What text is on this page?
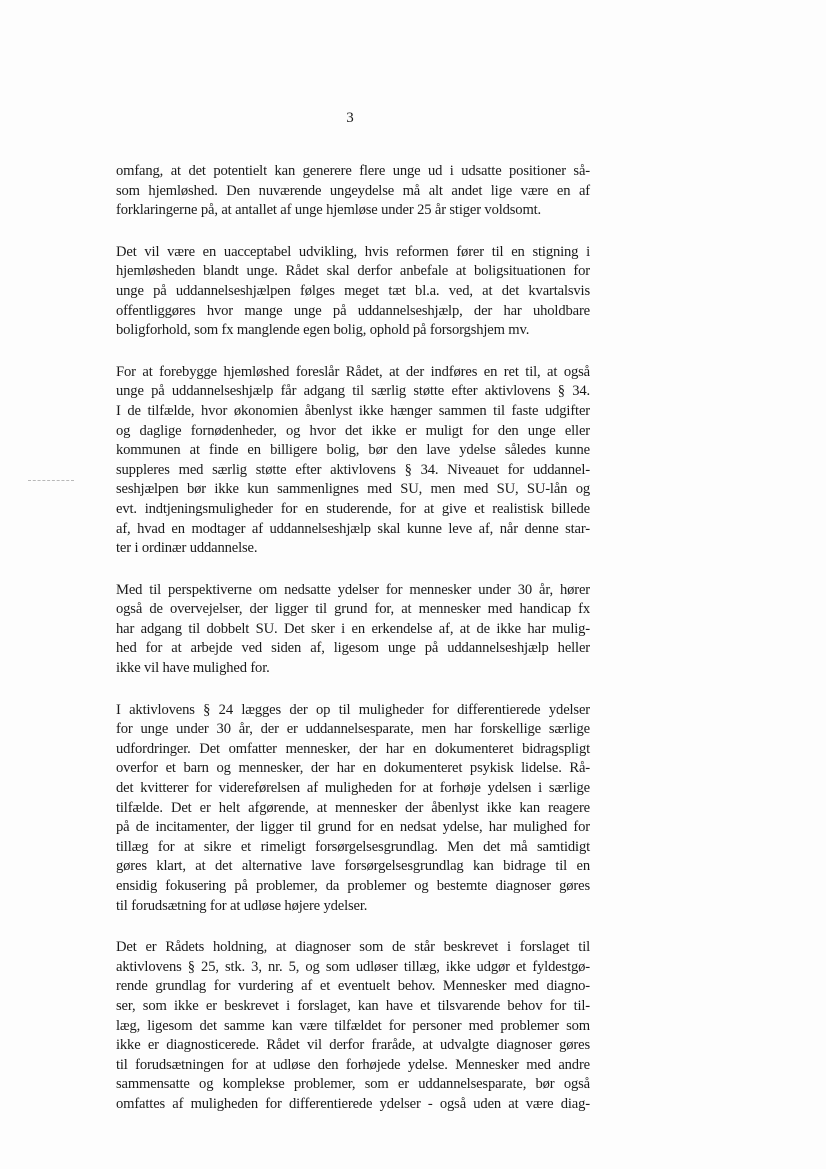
3

omfang, at det potentielt kan generere flere unge ud i udsatte positioner så-
som hjemløshed. Den nuværende ungeydelse må alt andet lige være en af
forklaringerne på, at antallet af unge hjemløse under 25 år stiger voldsomt.

Det vil være en uacceptabel udvikling, hvis reformen fører til en stigning i
hjemløsheden blandt unge. Rådet skal derfor anbefale at boligsituationen for
unge på uddannelseshjælpen følges meget tæt bl.a. ved, at det kvartalsvis
offentliggøres hvor mange unge på uddannelseshjælp, der har uholdbare
boligforhold, som fx manglende egen bolig, ophold på forsorgshjem mv.

For at forebygge hjemløshed foreslår Rådet, at der indføres en ret til, at også
unge på uddannelseshjælp får adgang til særlig støtte efter aktivlovens § 34.
I de tilfælde, hvor økonomien åbenlyst ikke hænger sammen til faste udgifter
og daglige fornødenheder, og hvor det ikke er muligt for den unge eller
kommunen at finde en billigere bolig, bør den lave ydelse således kunne
suppleres med særlig støtte efter aktivlovens § 34. Niveauet for uddannel-
seshjælpen bør ikke kun sammenlignes med SU, men med SU, SU-lån og
evt. indtjeningsmuligheder for en studerende, for at give et realistisk billede
af, hvad en modtager af uddannelseshjælp skal kunne leve af, når denne star-
ter i ordinær uddannelse.

Med til perspektiverne om nedsatte ydelser for mennesker under 30 år, hører
også de overvejelser, der ligger til grund for, at mennesker med handicap fx
har adgang til dobbelt SU. Det sker i en erkendelse af, at de ikke har mulig-
hed for at arbejde ved siden af, ligesom unge på uddannelseshjælp heller
ikke vil have mulighed for.

I aktivlovens § 24 lægges der op til muligheder for differentierede ydelser
for unge under 30 år, der er uddannelsesparate, men har forskellige særlige
udfordringer. Det omfatter mennesker, der har en dokumenteret bidragspligt
overfor et barn og mennesker, der har en dokumenteret psykisk lidelse. Rå-
det kvitterer for videreførelsen af muligheden for at forhøje ydelsen i særlige
tilfælde. Det er helt afgørende, at mennesker der åbenlyst ikke kan reagere
på de incitamenter, der ligger til grund for en nedsat ydelse, har mulighed for
tillæg for at sikre et rimeligt forsørgelsesgrundlag. Men det må samtidigt
gøres klart, at det alternative lave forsørgelsesgrundlag kan bidrage til en
ensidig fokusering på problemer, da problemer og bestemte diagnoser gøres
til forudsætning for at udløse højere ydelser.

Det er Rådets holdning, at diagnoser som de står beskrevet i forslaget til
aktivlovens § 25, stk. 3, nr. 5, og som udløser tillæg, ikke udgør et fyldestgø-
rende grundlag for vurdering af et eventuelt behov. Mennesker med diagno-
ser, som ikke er beskrevet i forslaget, kan have et tilsvarende behov for til-
læg, ligesom det samme kan være tilfældet for personer med problemer som
ikke er diagnosticerede. Rådet vil derfor fraråde, at udvalgte diagnoser gøres
til forudsætningen for at udløse den forhøjede ydelse. Mennesker med andre
sammensatte og komplekse problemer, som er uddannelsesparate, bør også
omfattes af muligheden for differentierede ydelser - også uden at være diag-
